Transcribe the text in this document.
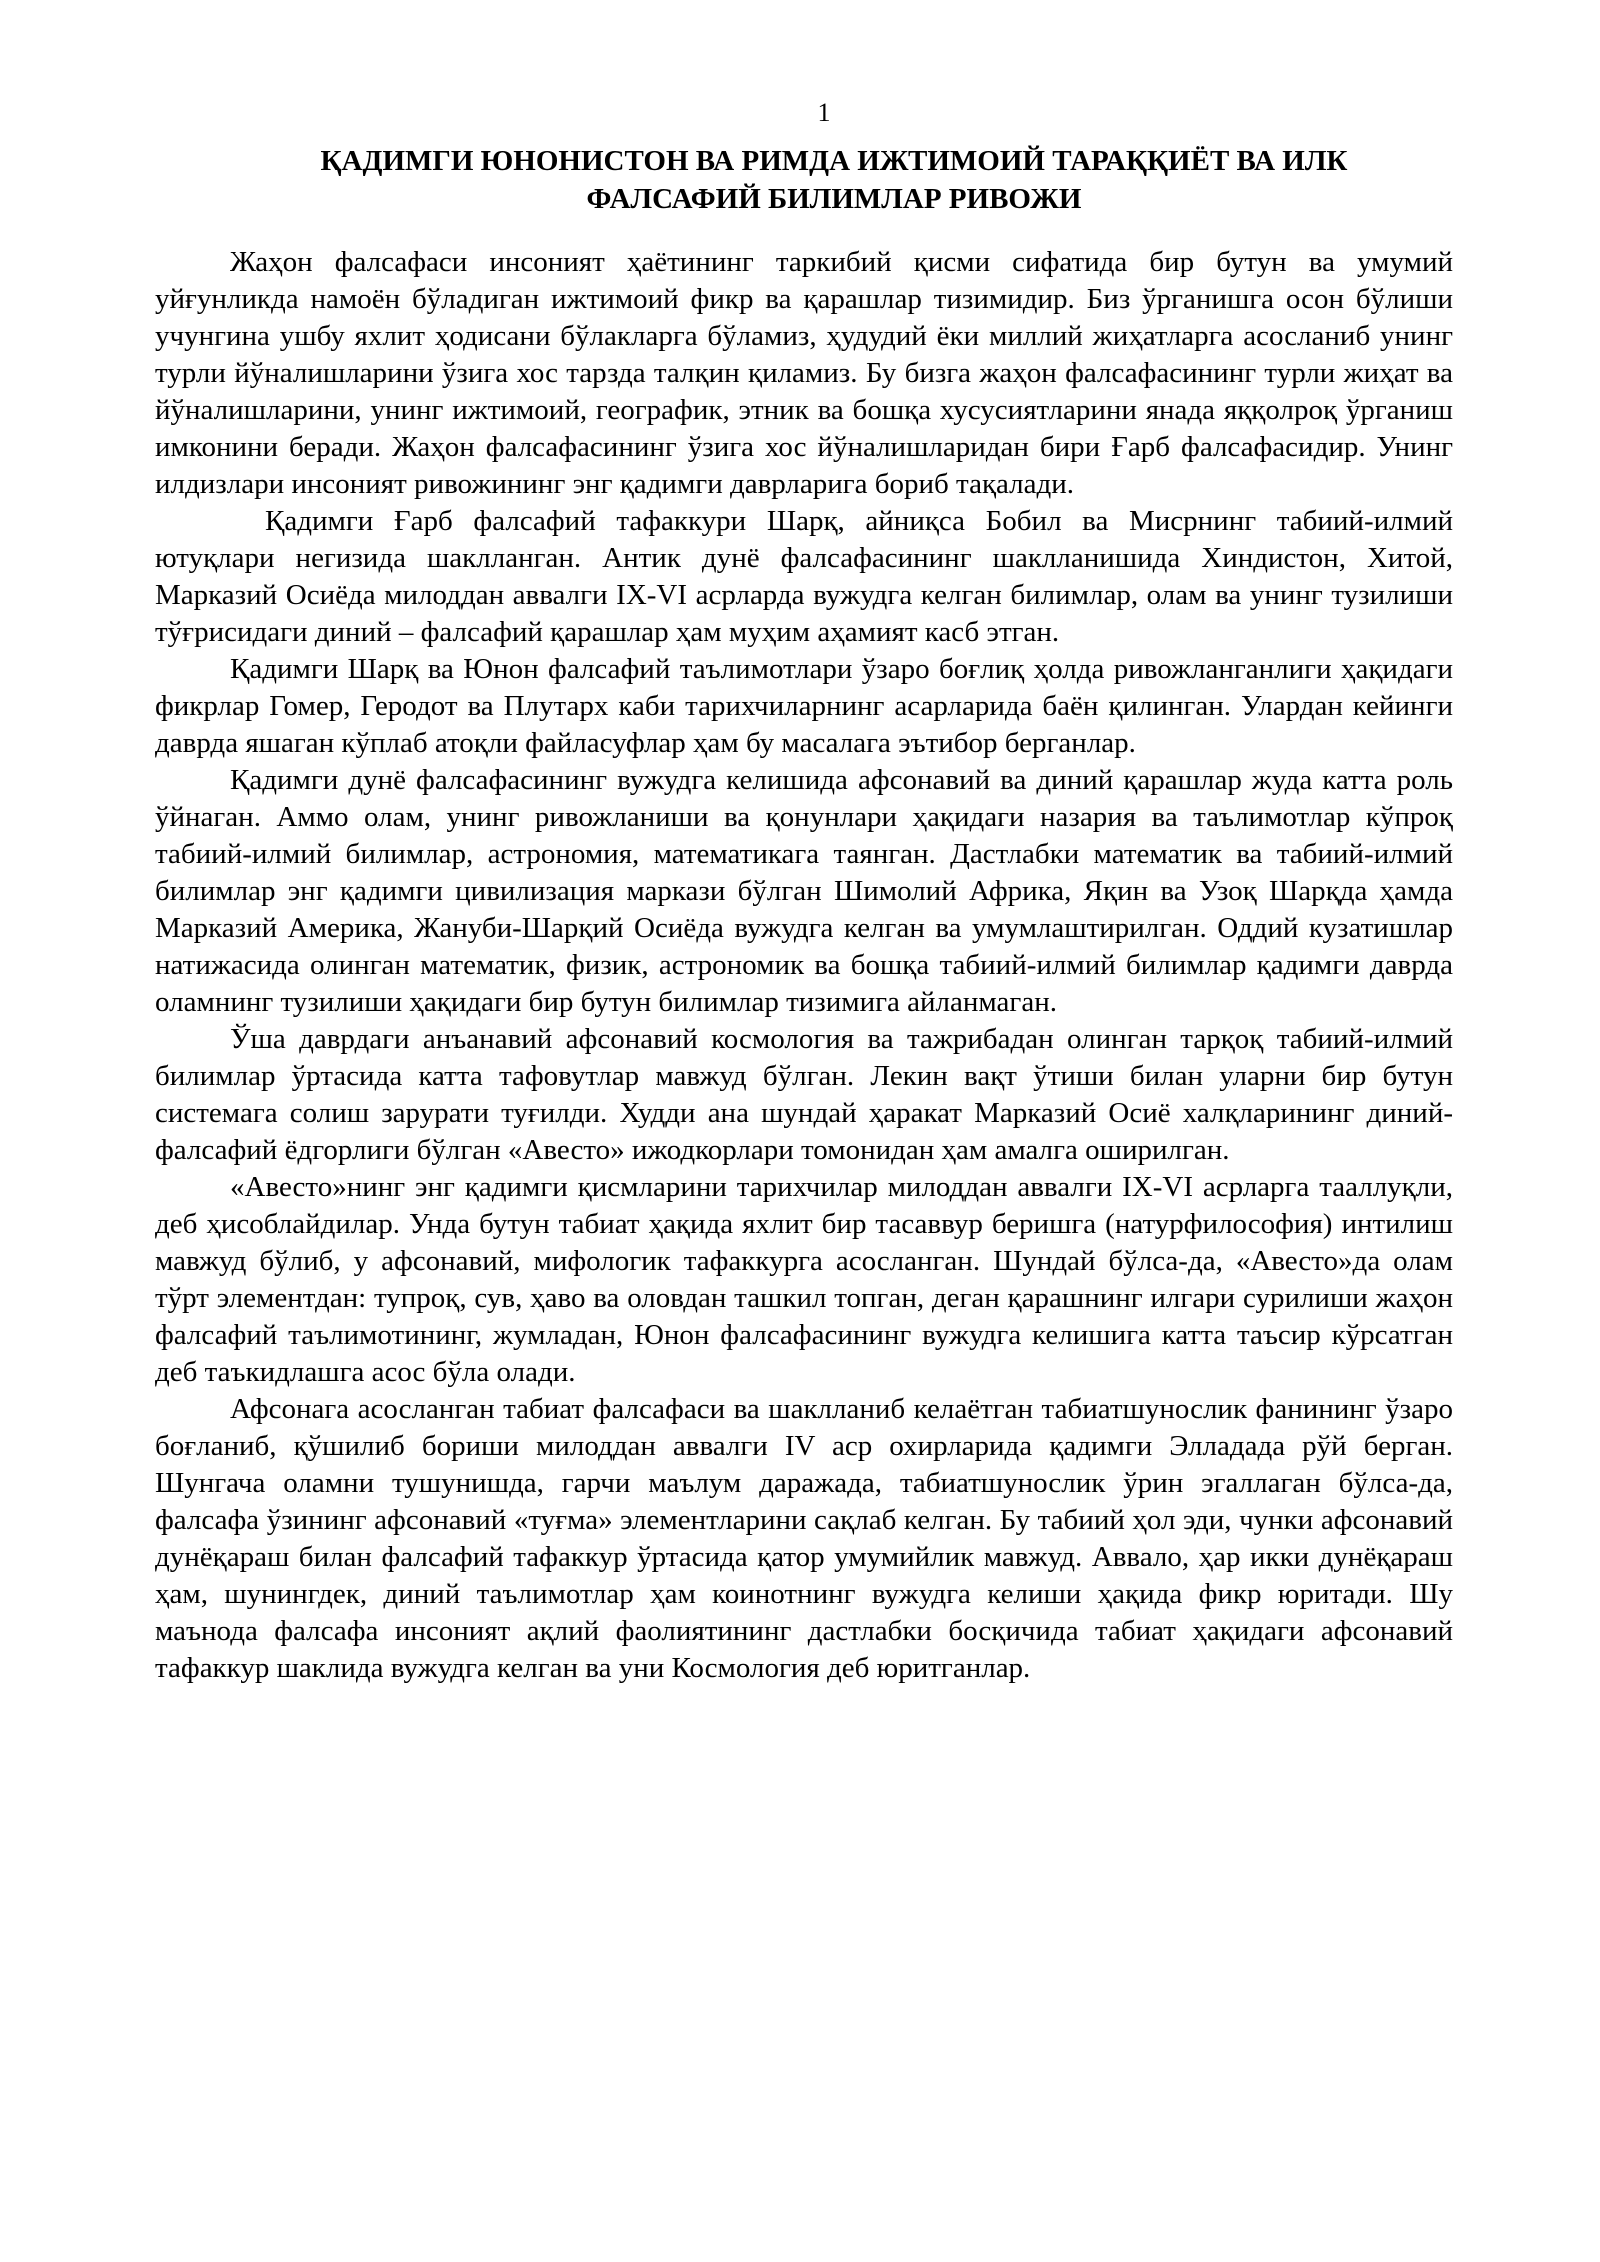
1
ҚАДИМГИ ЮНОНИСТОН ВА РИМДА ИЖТИМОИЙ ТАРАҚҚИЁТ ВА ИЛК
ФАЛСАФИЙ БИЛИМЛАР РИВОЖИ

Жаҳон фалсафаси инсоният ҳаётининг таркибий қисми сифатида бир бутун ва умумий уйғунликда намоён бўладиган ижтимоий фикр ва қарашлар тизимидир. Биз ўрганишга осон бўлиши учунгина ушбу яхлит ҳодисани бўлакларга бўламиз, ҳудудий ёки миллий жиҳатларга асосланиб унинг турли йўналишларини ўзига хос тарзда талқин қиламиз. Бу бизга жаҳон фалсафасининг турли жиҳат ва йўналишларини, унинг ижтимоий, географик, этник ва бошқа хусусиятларини янада яққолроқ ўрганиш имконини беради. Жаҳон фалсафасининг ўзига хос йўналишларидан бири Ғарб фалсафасидир. Унинг илдизлари инсоният ривожининг энг қадимги даврларига бориб тақалади.

Қадимги Ғарб фалсафий тафаккури Шарқ, айниқса Бобил ва Мисрнинг табиий-илмий ютуқлари негизида шаклланган. Антик дунё фалсафасининг шаклланишида Хиндистон, Хитой, Марказий Осиёда милоддан аввалги IX-VI асрларда вужудга келган билимлар, олам ва унинг тузилиши тўғрисидаги диний – фалсафий қарашлар ҳам муҳим аҳамият касб этган.

Қадимги Шарқ ва Юнон фалсафий таълимотлари ўзаро боғлиқ ҳолда ривожланганлиги ҳақидаги фикрлар Гомер, Геродот ва Плутарх каби тарихчиларнинг асарларида баён қилинган. Улардан кейинги даврда яшаган кўплаб атоқли файласуфлар ҳам бу масалага эътибор берганлар.

Қадимги дунё фалсафасининг вужудга келишида афсонавий ва диний қарашлар жуда катта роль ўйнаган. Аммо олам, унинг ривожланиши ва қонунлари ҳақидаги назария ва таълимотлар кўпроқ табиий-илмий билимлар, астрономия, математикага таянган. Дастлабки математик ва табиий-илмий билимлар энг қадимги цивилизация маркази бўлган Шимолий Африка, Яқин ва Узоқ Шарқда ҳамда Марказий Америка, Жануби-Шарқий Осиёда вужудга келган ва умумлаштирилган. Оддий кузатишлар натижасида олинган математик, физик, астрономик ва бошқа табиий-илмий билимлар қадимги даврда оламнинг тузилиши ҳақидаги бир бутун билимлар тизимига айланмаган.

Ўша даврдаги анъанавий афсонавий космология ва тажрибадан олинган тарқоқ табиий-илмий билимлар ўртасида катта тафовутлар мавжуд бўлган. Лекин вақт ўтиши билан уларни бир бутун системага солиш зарурати туғилди. Худди ана шундай ҳаракат Марказий Осиё халқларининг диний-фалсафий ёдгорлиги бўлган «Авесто» ижодкорлари томонидан ҳам амалга оширилган.

«Авесто»нинг энг қадимги қисмларини тарихчилар милоддан аввалги IX-VI асрларга тааллуқли, деб ҳисоблайдилар. Унда бутун табиат ҳақида яхлит бир тасаввур беришга (натурфилософия) интилиш мавжуд бўлиб, у афсонавий, мифологик тафаккурга асосланган. Шундай бўлса-да, «Авесто»да олам тўрт элементдан: тупроқ, сув, ҳаво ва оловдан ташкил топган, деган қарашнинг илгари сурилиши жаҳон фалсафий таълимотининг, жумладан, Юнон фалсафасининг вужудга келишига катта таъсир кўрсатган деб таъкидлашга асос бўла олади.

Афсонага асосланган табиат фалсафаси ва шаклланиб келаётган табиатшунослик фанининг ўзаро боғланиб, қўшилиб бориши милоддан аввалги IV аср охирларида қадимги Элладада рўй берган. Шунгача оламни тушунишда, гарчи маълум даражада, табиатшунослик ўрин эгаллаган бўлса-да, фалсафа ўзининг афсонавий «туғма» элементларини сақлаб келган. Бу табиий ҳол эди, чунки афсонавий дунёқараш билан фалсафий тафаккур ўртасида қатор умумийлик мавжуд. Аввало, ҳар икки дунёқараш ҳам, шунингдек, диний таълимотлар ҳам коинотнинг вужудга келиши ҳақида фикр юритади. Шу маънода фалсафа инсоният ақлий фаолиятининг дастлабки босқичида табиат ҳақидаги афсонавий тафаккур шаклида вужудга келган ва уни Космология деб юритганлар.
